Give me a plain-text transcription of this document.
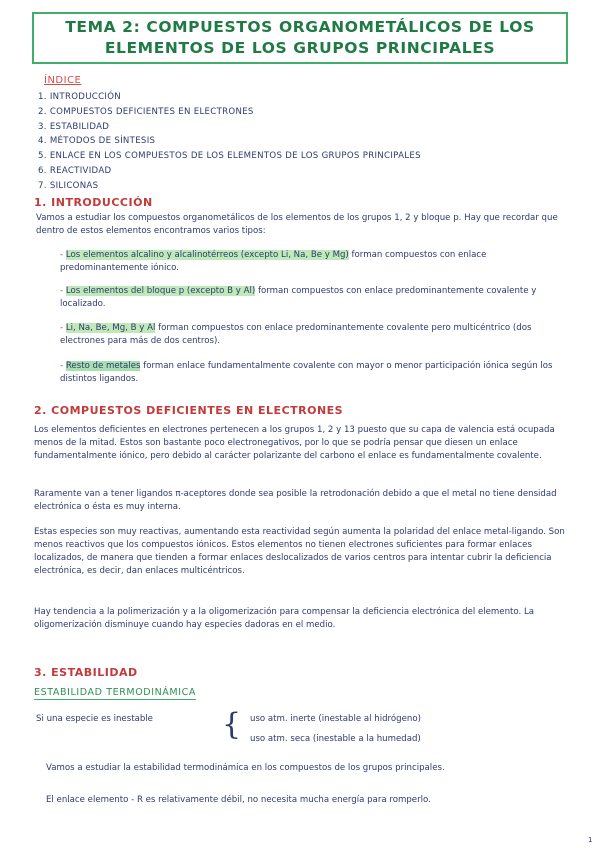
TEMA 2: COMPUESTOS ORGANOMETÁLICOS DE LOS
ELEMENTOS DE LOS GRUPOS PRINCIPALES
ÍNDICE
1. INTRODUCCIÓN
2. COMPUESTOS DEFICIENTES EN ELECTRONES
3. ESTABILIDAD
4. MÉTODOS DE SÍNTESIS
5. ENLACE EN LOS COMPUESTOS DE LOS ELEMENTOS DE LOS GRUPOS PRINCIPALES
6. REACTIVIDAD
7. SILICONAS
1. INTRODUCCIÓN

Vamos a estudiar los compuestos organometálicos de los elementos de los grupos 1, 2 y bloque p. Hay que recordar que dentro de estos elementos encontramos varios tipos:

- Los elementos alcalino y alcalinotérreos (excepto Li, Na, Be y Mg) forman compuestos con enlace predominantemente iónico.

- Los elementos del bloque p (excepto B y Al) forman compuestos con enlace predominantemente covalente y localizado.

- Li, Na, Be, Mg, B y Al forman compuestos con enlace predominantemente covalente pero multicéntrico (dos electrones para más de dos centros).

- Resto de metales forman enlace fundamentalmente covalente con mayor o menor participación iónica según los distintos ligandos.

2. COMPUESTOS DEFICIENTES EN ELECTRONES

Los elementos deficientes en electrones pertenecen a los grupos 1, 2 y 13 puesto que su capa de valencia está ocupada menos de la mitad. Estos son bastante poco electronegativos, por lo que se podría pensar que diesen un enlace fundamentalmente iónico, pero debido al carácter polarizante del carbono el enlace es fundamentalmente covalente.

Raramente van a tener ligandos π-aceptores donde sea posible la retrodonación debido a que el metal no tiene densidad electrónica o ésta es muy interna.

Estas especies son muy reactivas, aumentando esta reactividad según aumenta la polaridad del enlace metal-ligando. Son menos reactivos que los compuestos iónicos. Estos elementos no tienen electrones suficientes para formar enlaces localizados, de manera que tienden a formar enlaces deslocalizados de varios centros para intentar cubrir la deficiencia electrónica, es decir, dan enlaces multicéntricos.

Hay tendencia a la polimerización y a la oligomerización para compensar la deficiencia electrónica del elemento. La oligomerización disminuye cuando hay especies dadoras en el medio.

3. ESTABILIDAD
ESTABILIDAD TERMODINÁMICA

Si una especie es inestable	{ uso atm. inerte (inestable al hidrógeno)

uso atm. seca (inestable a la humedad)

Vamos a estudiar la estabilidad termodinámica en los compuestos de los grupos principales.

El enlace elemento - R es relativamente débil, no necesita mucha energía para romperlo.

1
